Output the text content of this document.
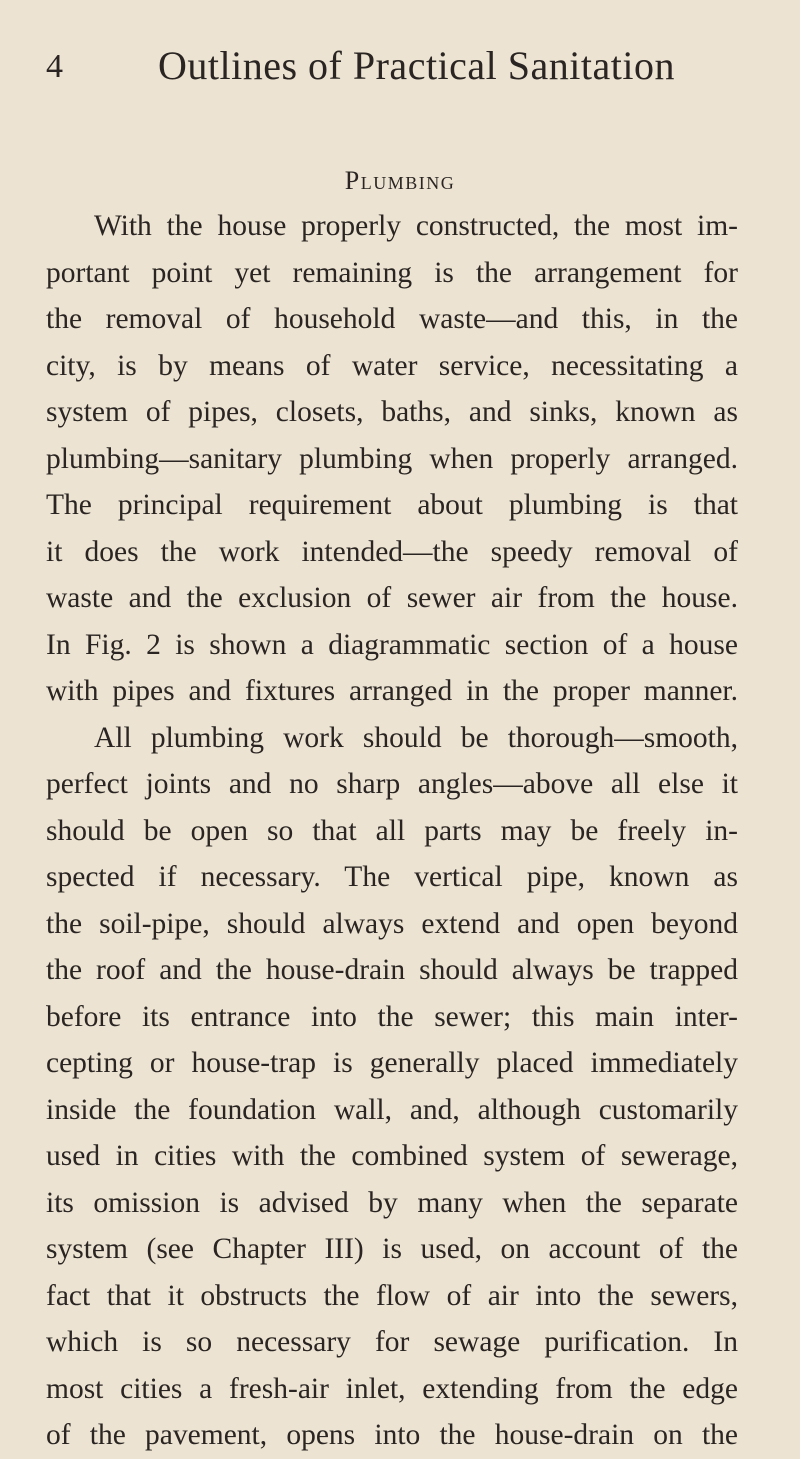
4 Outlines of Practical Sanitation
Plumbing
With the house properly constructed, the most im-
portant point yet remaining is the arrangement for
the removal of household waste—and this, in the
city, is by means of water service, necessitating a
system of pipes, closets, baths, and sinks, known as
plumbing—sanitary plumbing when properly arranged.
The principal requirement about plumbing is that
it does the work intended—the speedy removal of
waste and the exclusion of sewer air from the house.
In Fig. 2 is shown a diagrammatic section of a house
with pipes and fixtures arranged in the proper manner.
All plumbing work should be thorough—smooth,
perfect joints and no sharp angles—above all else it
should be open so that all parts may be freely in-
spected if necessary. The vertical pipe, known as
the soil-pipe, should always extend and open beyond
the roof and the house-drain should always be trapped
before its entrance into the sewer; this main inter-
cepting or house-trap is generally placed immediately
inside the foundation wall, and, although customarily
used in cities with the combined system of sewerage,
its omission is advised by many when the separate
system (see Chapter III) is used, on account of the
fact that it obstructs the flow of air into the sewers,
which is so necessary for sewage purification. In
most cities a fresh-air inlet, extending from the edge
of the pavement, opens into the house-drain on the
